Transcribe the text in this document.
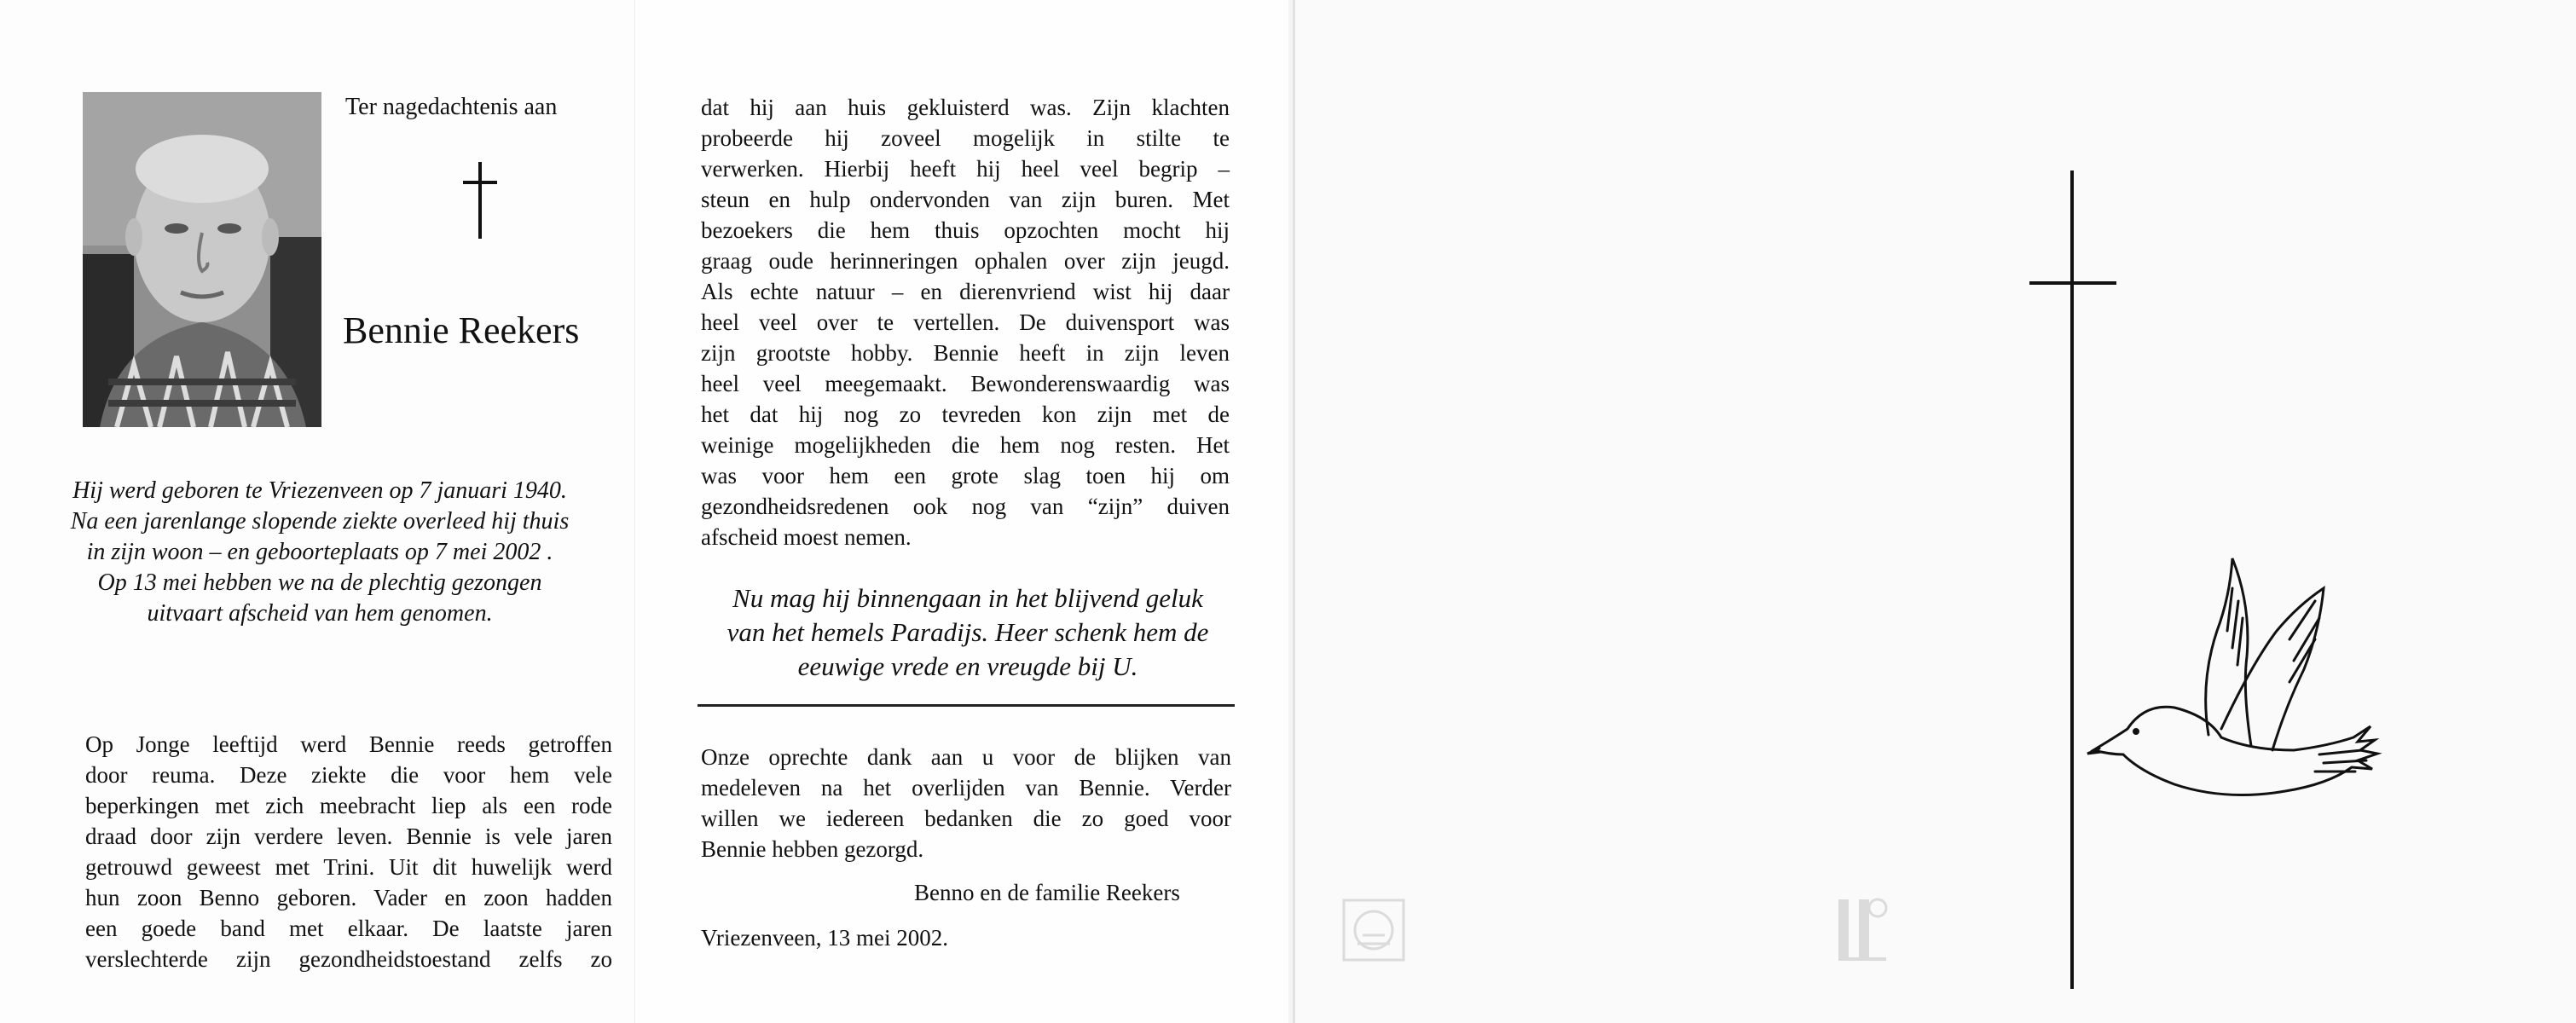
Ter nagedachtenis aan
Bennie Reekers
Hij werd geboren te Vriezenveen op 7 januari 1940.
Na een jarenlange slopende ziekte overleed hij thuis
in zijn woon – en geboorteplaats op 7 mei 2002 .
Op 13 mei hebben we na de plechtig gezongen
uitvaart afscheid van hem genomen.
Op Jonge leeftijd werd Bennie reeds getroffen
door reuma. Deze ziekte die voor hem vele
beperkingen met zich meebracht liep als een rode
draad door zijn verdere leven. Bennie is vele jaren
getrouwd geweest met Trini. Uit dit huwelijk werd
hun zoon Benno geboren. Vader en zoon hadden
een goede band met elkaar. De laatste jaren
verslechterde zijn gezondheidstoestand zelfs zo
dat hij aan huis gekluisterd was. Zijn klachten
probeerde hij zoveel mogelijk in stilte te
verwerken. Hierbij heeft hij heel veel begrip –
steun en hulp ondervonden van zijn buren. Met
bezoekers die hem thuis opzochten mocht hij
graag oude herinneringen ophalen over zijn jeugd.
Als echte natuur – en dierenvriend wist hij daar
heel veel over te vertellen. De duivensport was
zijn grootste hobby. Bennie heeft in zijn leven
heel veel meegemaakt. Bewonderenswaardig was
het dat hij nog zo tevreden kon zijn met de
weinige mogelijkheden die hem nog resten. Het
was voor hem een grote slag toen hij om
gezondheidsredenen ook nog van “zijn” duiven
afscheid moest nemen.
Nu mag hij binnengaan in het blijvend geluk
van het hemels Paradijs. Heer schenk hem de
eeuwige vrede en vreugde bij U.
Onze oprechte dank aan u voor de blijken van
medeleven na het overlijden van Bennie. Verder
willen we iedereen bedanken die zo goed voor
Bennie hebben gezorgd.
Benno en de familie Reekers
Vriezenveen, 13 mei 2002.
